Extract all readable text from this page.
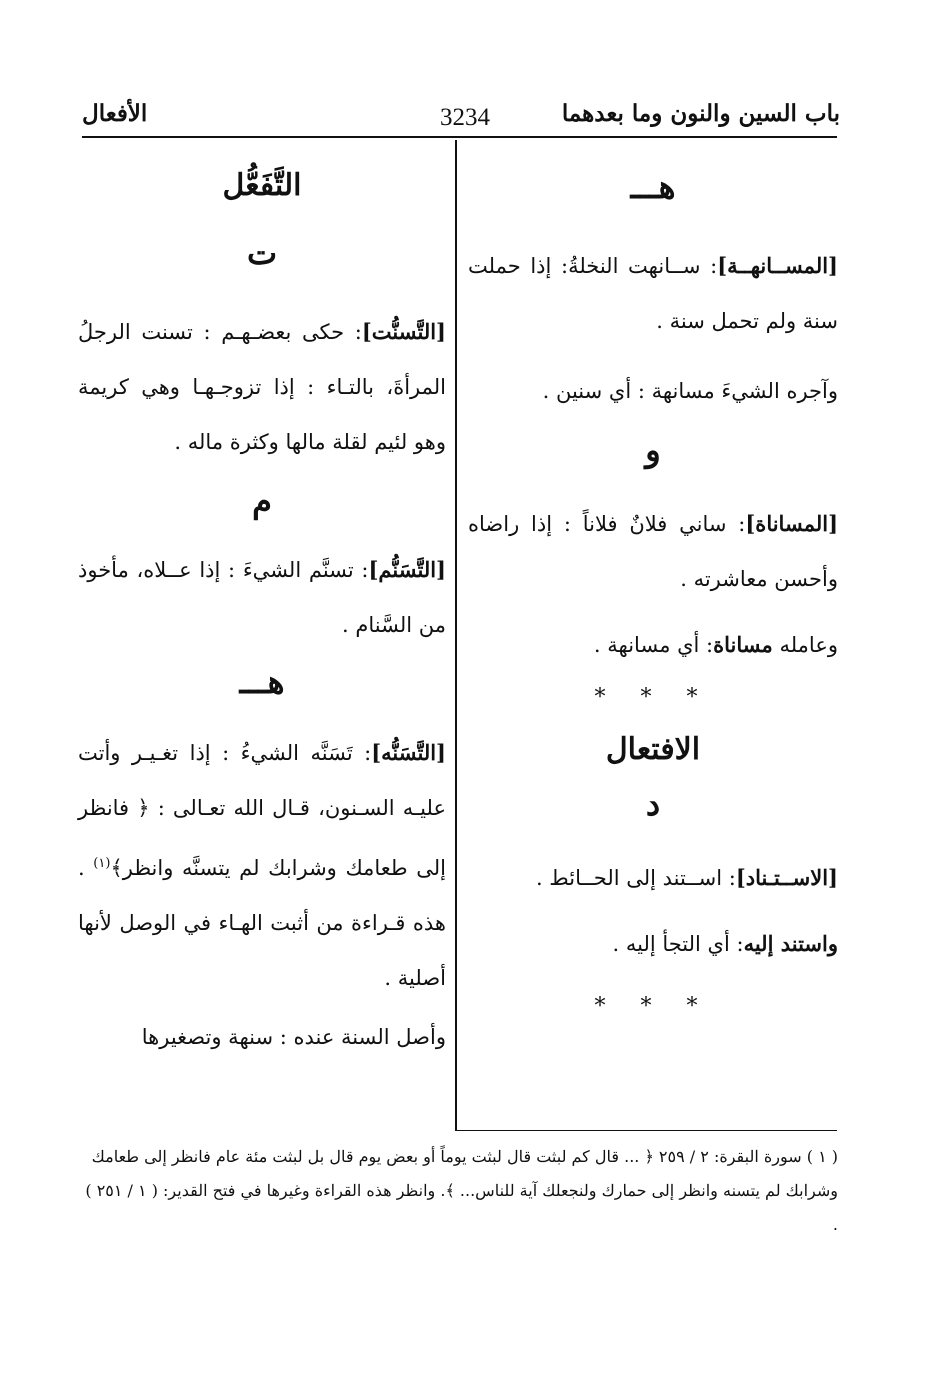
باب السين والنون وما بعدهما
3234
الأفعال
هـــ
[المســانهــة]: ســانهت النخلةُ: إذا حملت سنة ولم تحمل سنة .
وآجره الشيءَ مسانهة : أي سنين .
و
[المساناة]: ساني فلانٌ فلاناً : إذا راضاه وأحسن معاشرته .
وعامله مساناة: أي مسانهة .
* * *
الافتعال
د
[الاســتـناد]: اســتند إلى الحــائط .
واستند إليه: أي التجأ إليه .
* * *
التَّفَعُّل
ت
[التَّسنُّت]: حكى بعضـهـم : تسنت الرجلُ المرأةَ، بالتـاء : إذا تزوجـهـا وهي كريمة وهو لئيم لقلة مالها وكثرة ماله .
م
[التَّسَنُّم]: تسنَّم الشيءَ : إذا عــلاه، مأخوذ من السَّنام .
هـــ
[التَّسَنُّه]: تَسَنَّه الشيءُ : إذا تغـيـر وأتت عليـه السـنون، قـال الله تعـالى : ﴿ فانظر إلى طعامك وشرابك لم يتسنَّه وانظر﴾$^{(١)}$ . هذه قـراءة من أثبت الهـاء في الوصل لأنها أصلية .
وأصل السنة عنده : سنهة وتصغيرها
( ١ ) سورة البقرة: ٢ / ٢٥٩ ﴿ ... قال كم لبثت قال لبثت يوماً أو بعض يوم قال بل لبثت مئة عام فانظر إلى طعامك وشرابك لم يتسنه وانظر إلى حمارك ولنجعلك آية للناس... ﴾. وانظر هذه القراءة وغيرها في فتح القدير: ( ١ / ٢٥١ ) .
